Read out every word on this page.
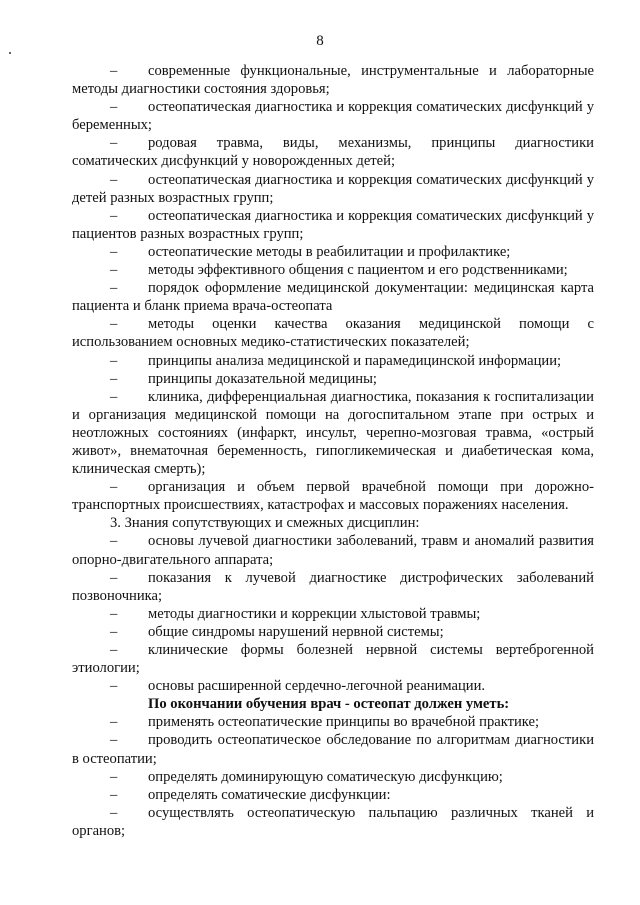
8

– современные функциональные, инструментальные и лабораторные методы диагностики состояния здоровья;

– остеопатическая диагностика и коррекция соматических дисфункций у беременных;

– родовая травма, виды, механизмы, принципы диагностики соматических дисфункций у новорожденных детей;

– остеопатическая диагностика и коррекция соматических дисфункций у детей разных возрастных групп;

– остеопатическая диагностика и коррекция соматических дисфункций у пациентов разных возрастных групп;

– остеопатические методы в реабилитации и профилактике;

– методы эффективного общения с пациентом и его родственниками;

– порядок оформление медицинской документации: медицинская карта пациента и бланк приема врача-остеопата

– методы оценки качества оказания медицинской помощи с использованием основных медико-статистических показателей;

– принципы анализа медицинской и парамедицинской информации;

– принципы доказательной медицины;

– клиника, дифференциальная диагностика, показания к госпитализации и организация медицинской помощи на догоспитальном этапе при острых и неотложных состояниях (инфаркт, инсульт, черепно-мозговая травма, «острый живот», внематочная беременность, гипогликемическая и диабетическая кома, клиническая смерть);

– организация и объем первой врачебной помощи при дорожно-транспортных происшествиях, катастрофах и массовых поражениях населения.

3. Знания сопутствующих и смежных дисциплин:

– основы лучевой диагностики заболеваний, травм и аномалий развития опорно-двигательного аппарата;

– показания к лучевой диагностике дистрофических заболеваний позвоночника;

– методы диагностики и коррекции хлыстовой травмы;

– общие синдромы нарушений нервной системы;

– клинические формы болезней нервной системы вертеброгенной этиологии;

– основы расширенной сердечно-легочной реанимации.

По окончании обучения врач - остеопат должен уметь:

– применять остеопатические принципы во врачебной практике;

– проводить остеопатическое обследование по алгоритмам диагностики в остеопатии;

– определять доминирующую соматическую дисфункцию;

– определять соматические дисфункции:

– осуществлять остеопатическую пальпацию различных тканей и органов;
